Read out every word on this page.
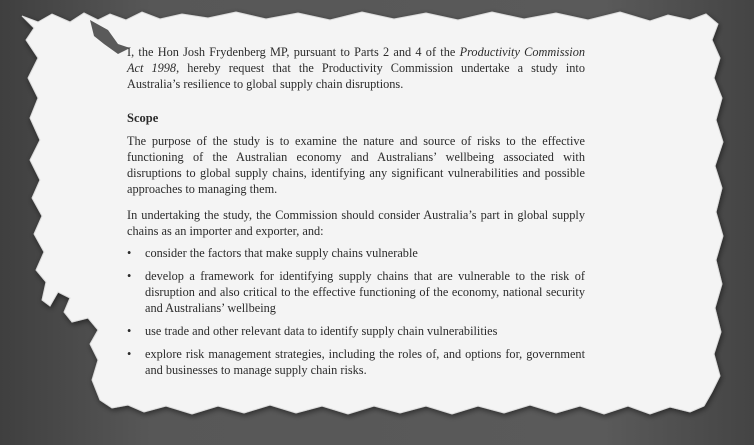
I, the Hon Josh Frydenberg MP, pursuant to Parts 2 and 4 of the Productivity Commission Act 1998, hereby request that the Productivity Commission undertake a study into Australia’s resilience to global supply chain disruptions.

Scope

The purpose of the study is to examine the nature and source of risks to the effective functioning of the Australian economy and Australians’ wellbeing associated with disruptions to global supply chains, identifying any significant vulnerabilities and possible approaches to managing them.

In undertaking the study, the Commission should consider Australia’s part in global supply chains as an importer and exporter, and:

• consider the factors that make supply chains vulnerable
• develop a framework for identifying supply chains that are vulnerable to the risk of disruption and also critical to the effective functioning of the economy, national security and Australians’ wellbeing
• use trade and other relevant data to identify supply chain vulnerabilities
• explore risk management strategies, including the roles of, and options for, government and businesses to manage supply chain risks.
